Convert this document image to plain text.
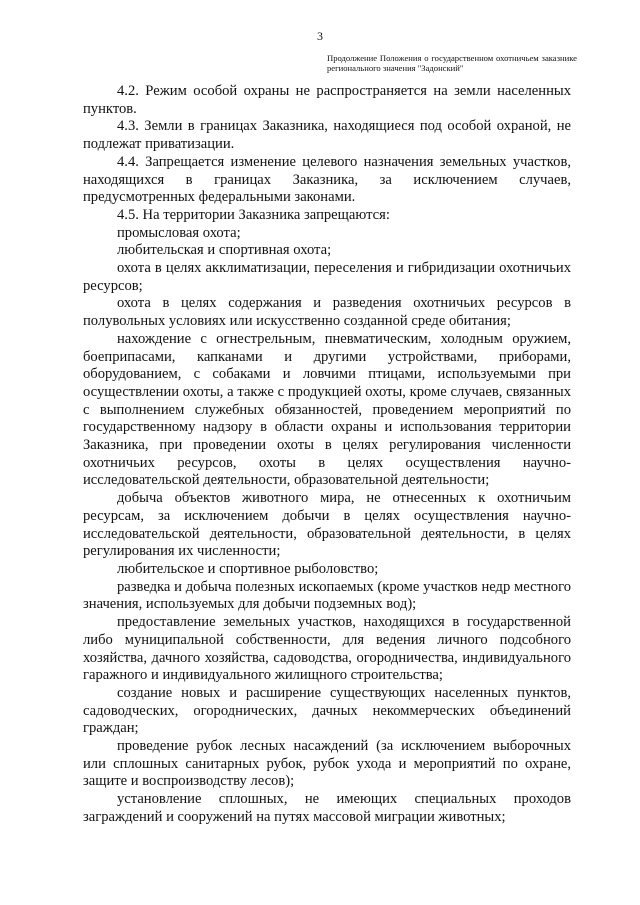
3
Продолжение Положения о государственном охотничьем заказнике регионального значения "Задонский"

4.2. Режим особой охраны не распространяется на земли населенных пунктов.

4.3. Земли в границах Заказника, находящиеся под особой охраной, не подлежат приватизации.

4.4. Запрещается изменение целевого назначения земельных участков, находящихся в границах Заказника, за исключением случаев, предусмотренных федеральными законами.

4.5. На территории Заказника запрещаются:

промысловая охота;

любительская и спортивная охота;

охота в целях акклиматизации, переселения и гибридизации охотничьих ресурсов;

охота в целях содержания и разведения охотничьих ресурсов в полувольных условиях или искусственно созданной среде обитания;

нахождение с огнестрельным, пневматическим, холодным оружием, боеприпасами, капканами и другими устройствами, приборами, оборудованием, с собаками и ловчими птицами, используемыми при осуществлении охоты, а также с продукцией охоты, кроме случаев, связанных с выполнением служебных обязанностей, проведением мероприятий по государственному надзору в области охраны и использования территории Заказника, при проведении охоты в целях регулирования численности охотничьих ресурсов, охоты в целях осуществления научно-исследовательской деятельности, образовательной деятельности;

добыча объектов животного мира, не отнесенных к охотничьим ресурсам, за исключением добычи в целях осуществления научно-исследовательской деятельности, образовательной деятельности, в целях регулирования их численности;

любительское и спортивное рыболовство;

разведка и добыча полезных ископаемых (кроме участков недр местного значения, используемых для добычи подземных вод);

предоставление земельных участков, находящихся в государственной либо муниципальной собственности, для ведения личного подсобного хозяйства, дачного хозяйства, садоводства, огородничества, индивидуального гаражного и индивидуального жилищного строительства;

создание новых и расширение существующих населенных пунктов, садоводческих, огороднических, дачных некоммерческих объединений граждан;

проведение рубок лесных насаждений (за исключением выборочных или сплошных санитарных рубок, рубок ухода и мероприятий по охране, защите и воспроизводству лесов);

установление сплошных, не имеющих специальных проходов заграждений и сооружений на путях массовой миграции животных;
